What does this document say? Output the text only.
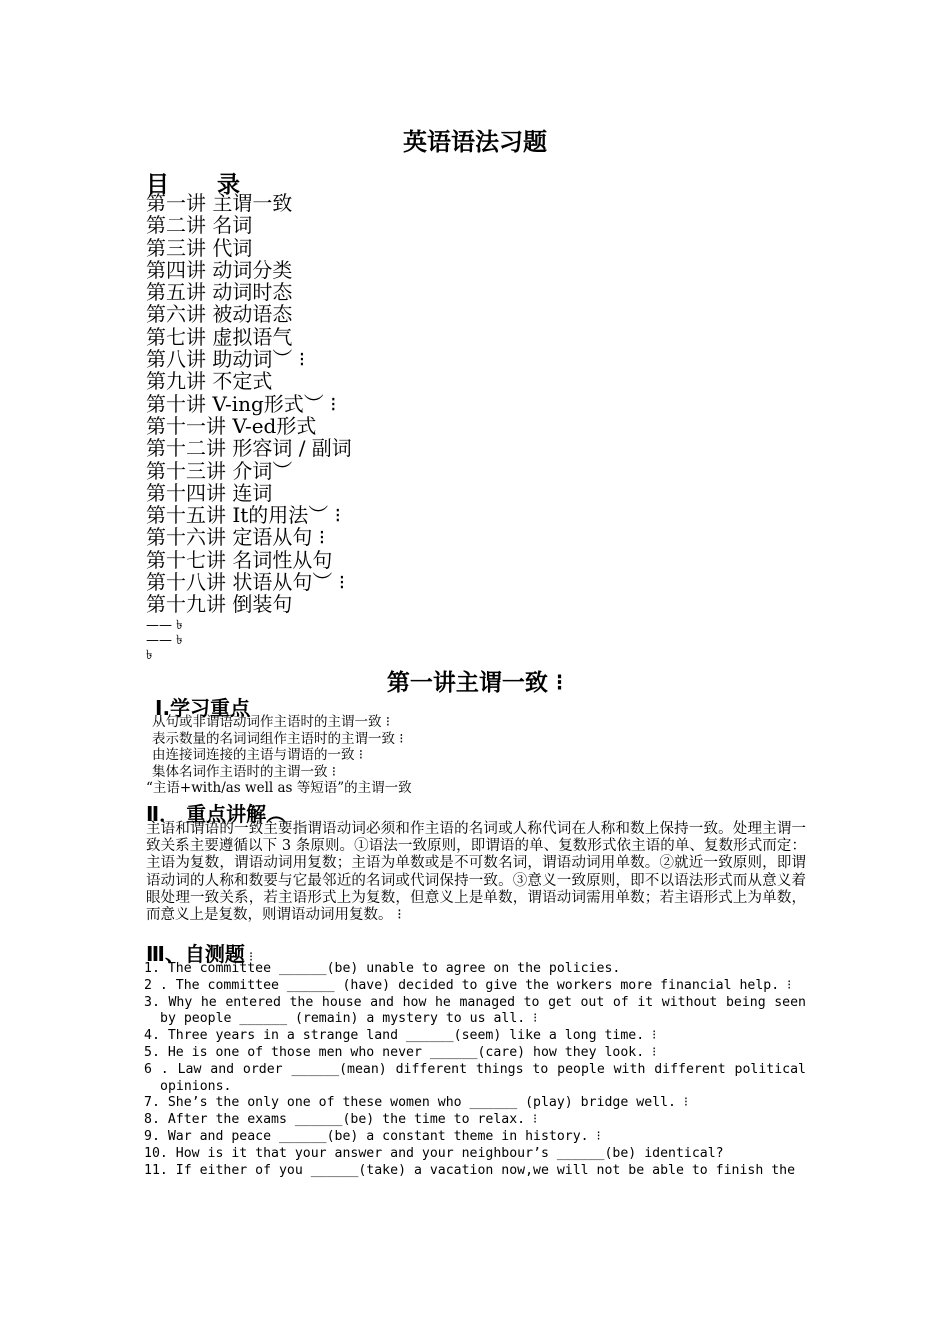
英语语法习题
目 录
第一讲 主谓一致
第二讲 名词
第三讲 代词
第四讲 动词分类
第五讲 动词时态
第六讲 被动语态
第七讲 虚拟语气
第八讲 助动词︶ ⁝
第九讲 不定式
第十讲 V-ing形式︶ ⁝
第十一讲 V-ed形式
第十二讲 形容词 / 副词
第十三讲 介词︶
第十四讲 连词
第十五讲 It的用法︶ ⁝
第十六讲 定语从句 ⁝
第十七讲 名词性从句
第十八讲 状语从句︶ ⁝
第十九讲 倒装句
—— ৳
—— ৳
৳
第一讲主谓一致 ⁝
Ⅰ.学习重点
从句或非谓语动词作主语时的主谓一致 ⁝
表示数量的名词词组作主语时的主谓一致 ⁝
由连接词连接的主语与谓语的一致 ⁝
集体名词作主语时的主谓一致 ⁝
“主语+with/as well as 等短语”的主谓一致
Ⅱ． 重点讲解︵
主语和谓语的一致主要指谓语动词必须和作主语的名词或人称代词在人称和数上保持一致。处理主谓一致关系主要遵循以下 3 条原则。①语法一致原则，即谓语的单、复数形式依主语的单、复数形式而定：主语为复数，谓语动词用复数；主语为单数或是不可数名词，谓语动词用单数。②就近一致原则，即谓语动词的人称和数要与它最邻近的名词或代词保持一致。③意义一致原则，即不以语法形式而从意义着眼处理一致关系，若主语形式上为复数，但意义上是单数，谓语动词需用单数；若主语形式上为单数，而意义上是复数，则谓语动词用复数。 ⁝
Ⅲ、自测题 ⁝
1. The committee ______(be) unable to agree on the policies.
2 . The committee ______ (have) decided to give the workers more financial help. ⁝
3. Why he entered the house and how he managed to get out of it without being seen by people ______ (remain) a mystery to us all. ⁝
4. Three years in a strange land ______(seem) like a long time. ⁝
5. He is one of those men who never ______(care) how they look. ⁝
6 . Law and order ______(mean) different things to people with different political opinions.
7. She’s the only one of these women who ______ (play) bridge well. ⁝
8. After the exams ______(be) the time to relax. ⁝
9. War and peace ______(be) a constant theme in history. ⁝
10. How is it that your answer and your neighbour’s ______(be) identical?
11. If either of you ______(take) a vacation now,we will not be able to finish the
